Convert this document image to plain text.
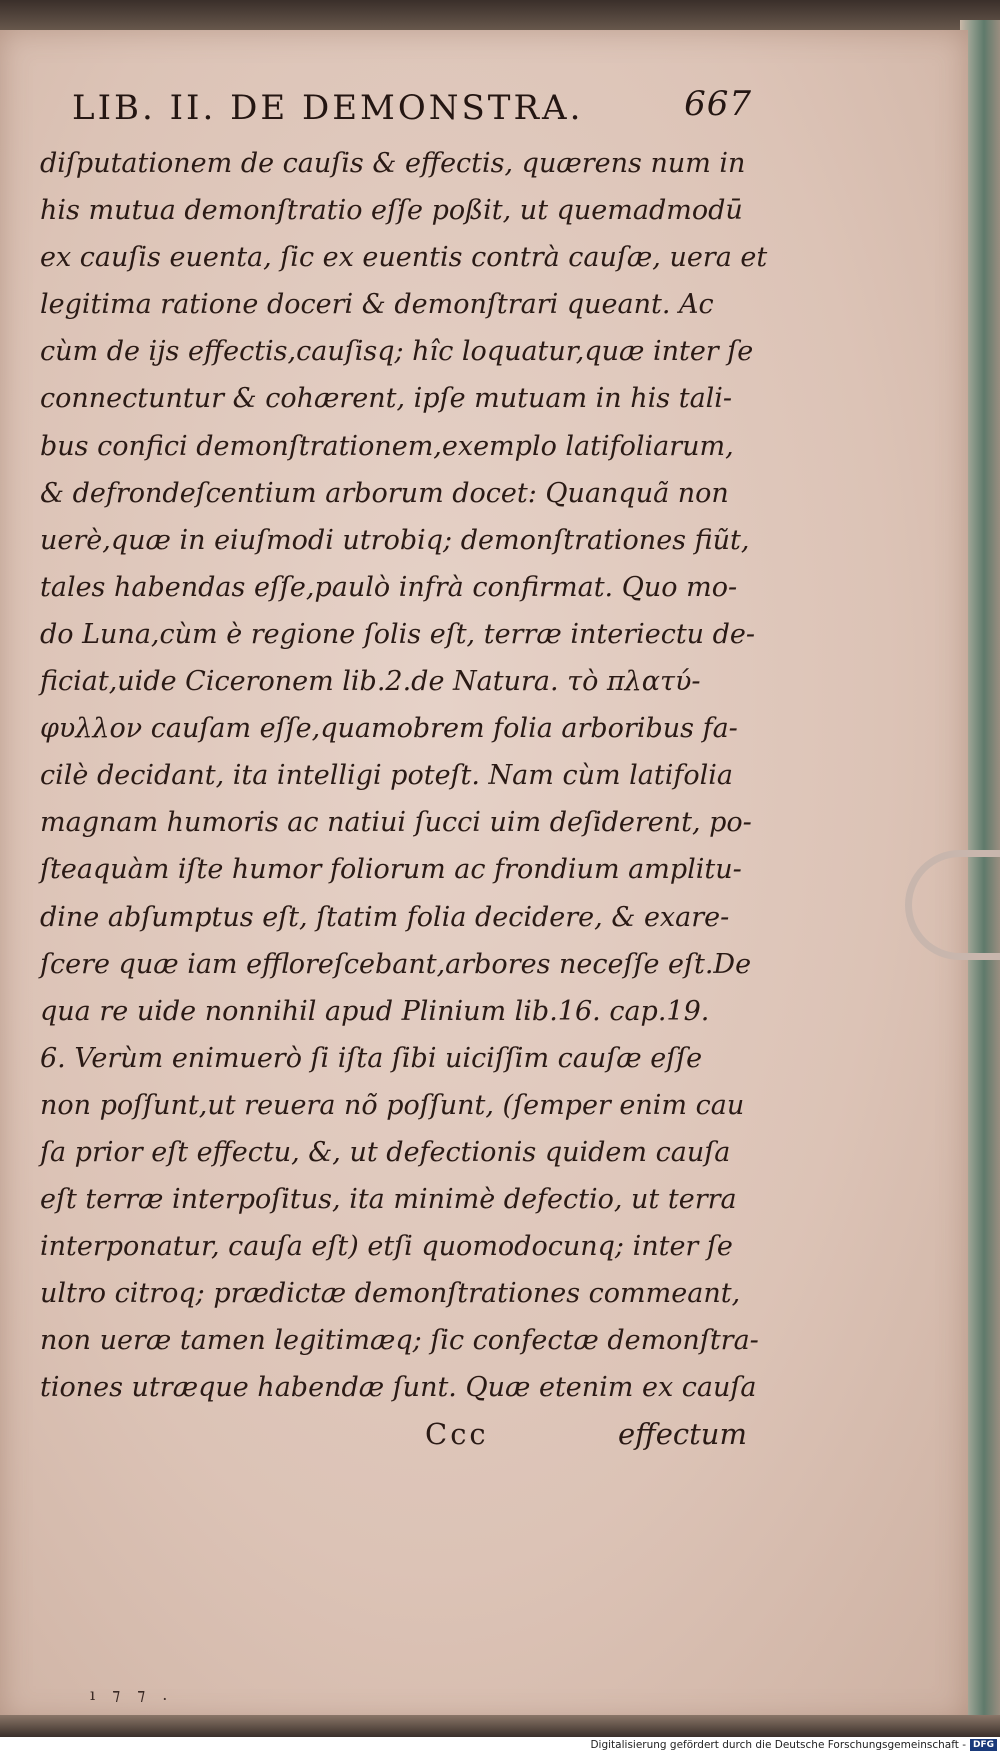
LIB. II. DE DEMONSTRA.	667
diſputationem de cauſis & effectis, quærens num in
his mutua demonſtratio eſſe poßit, ut quemadmodū
ex cauſis euenta, ſic ex euentis contrà cauſæ, uera et
legitima ratione doceri & demonſtrari queant. Ac
cùm de iјs effectis,cauſisq; hîc loquatur,quæ inter ſe
connectuntur & cohærent, ipſe mutuam in his tali-
bus confici demonſtrationem,exemplo latifoliarum,
& defrondeſcentium arborum docet: Quanquã non
uerè,quæ in eiuſmodi utrobiq; demonſtrationes fiũt,
tales habendas eſſe,paulò infrà confirmat. Quo mo-
do Luna,cùm è regione ſolis eſt, terræ interiectu de-
ficiat,uide Ciceronem lib.2.de Natura. τὸ πλατύ-
φυλλον cauſam eſſe,quamobrem folia arboribus fa-
cilè decidant, ita intelligi poteſt. Nam cùm latifolia
magnam humoris ac natiui ſucci uim deſiderent, po-
ſteaquàm iſte humor foliorum ac frondium amplitu-
dine abſumptus eſt, ſtatim folia decidere, & exare-
ſcere quæ iam effloreſcebant,arbores neceſſe eſt.De
qua re uide nonnihil apud Plinium lib.16. cap.19.
6. Verùm enimuerò ſi iſta ſibi uiciſſim cauſæ eſſe
non poſſunt,ut reuera nõ poſſunt, (ſemper enim cau
ſa prior eſt effectu, &, ut defectionis quidem cauſa
eſt terræ interpoſitus, ita minimè defectio, ut terra
interponatur, cauſa eſt) etſi quomodocunq; inter ſe
ultro citroq; prædictæ demonſtrationes commeant,
non ueræ tamen legitimæq; ſic confectæ demonſtra-
tiones utræque habendæ ſunt. Quæ etenim ex cauſa
Ccc	effectum
ı ⁊ ⁊ .
Digitalisierung gefördert durch die Deutsche Forschungsgemeinschaft - DFG
